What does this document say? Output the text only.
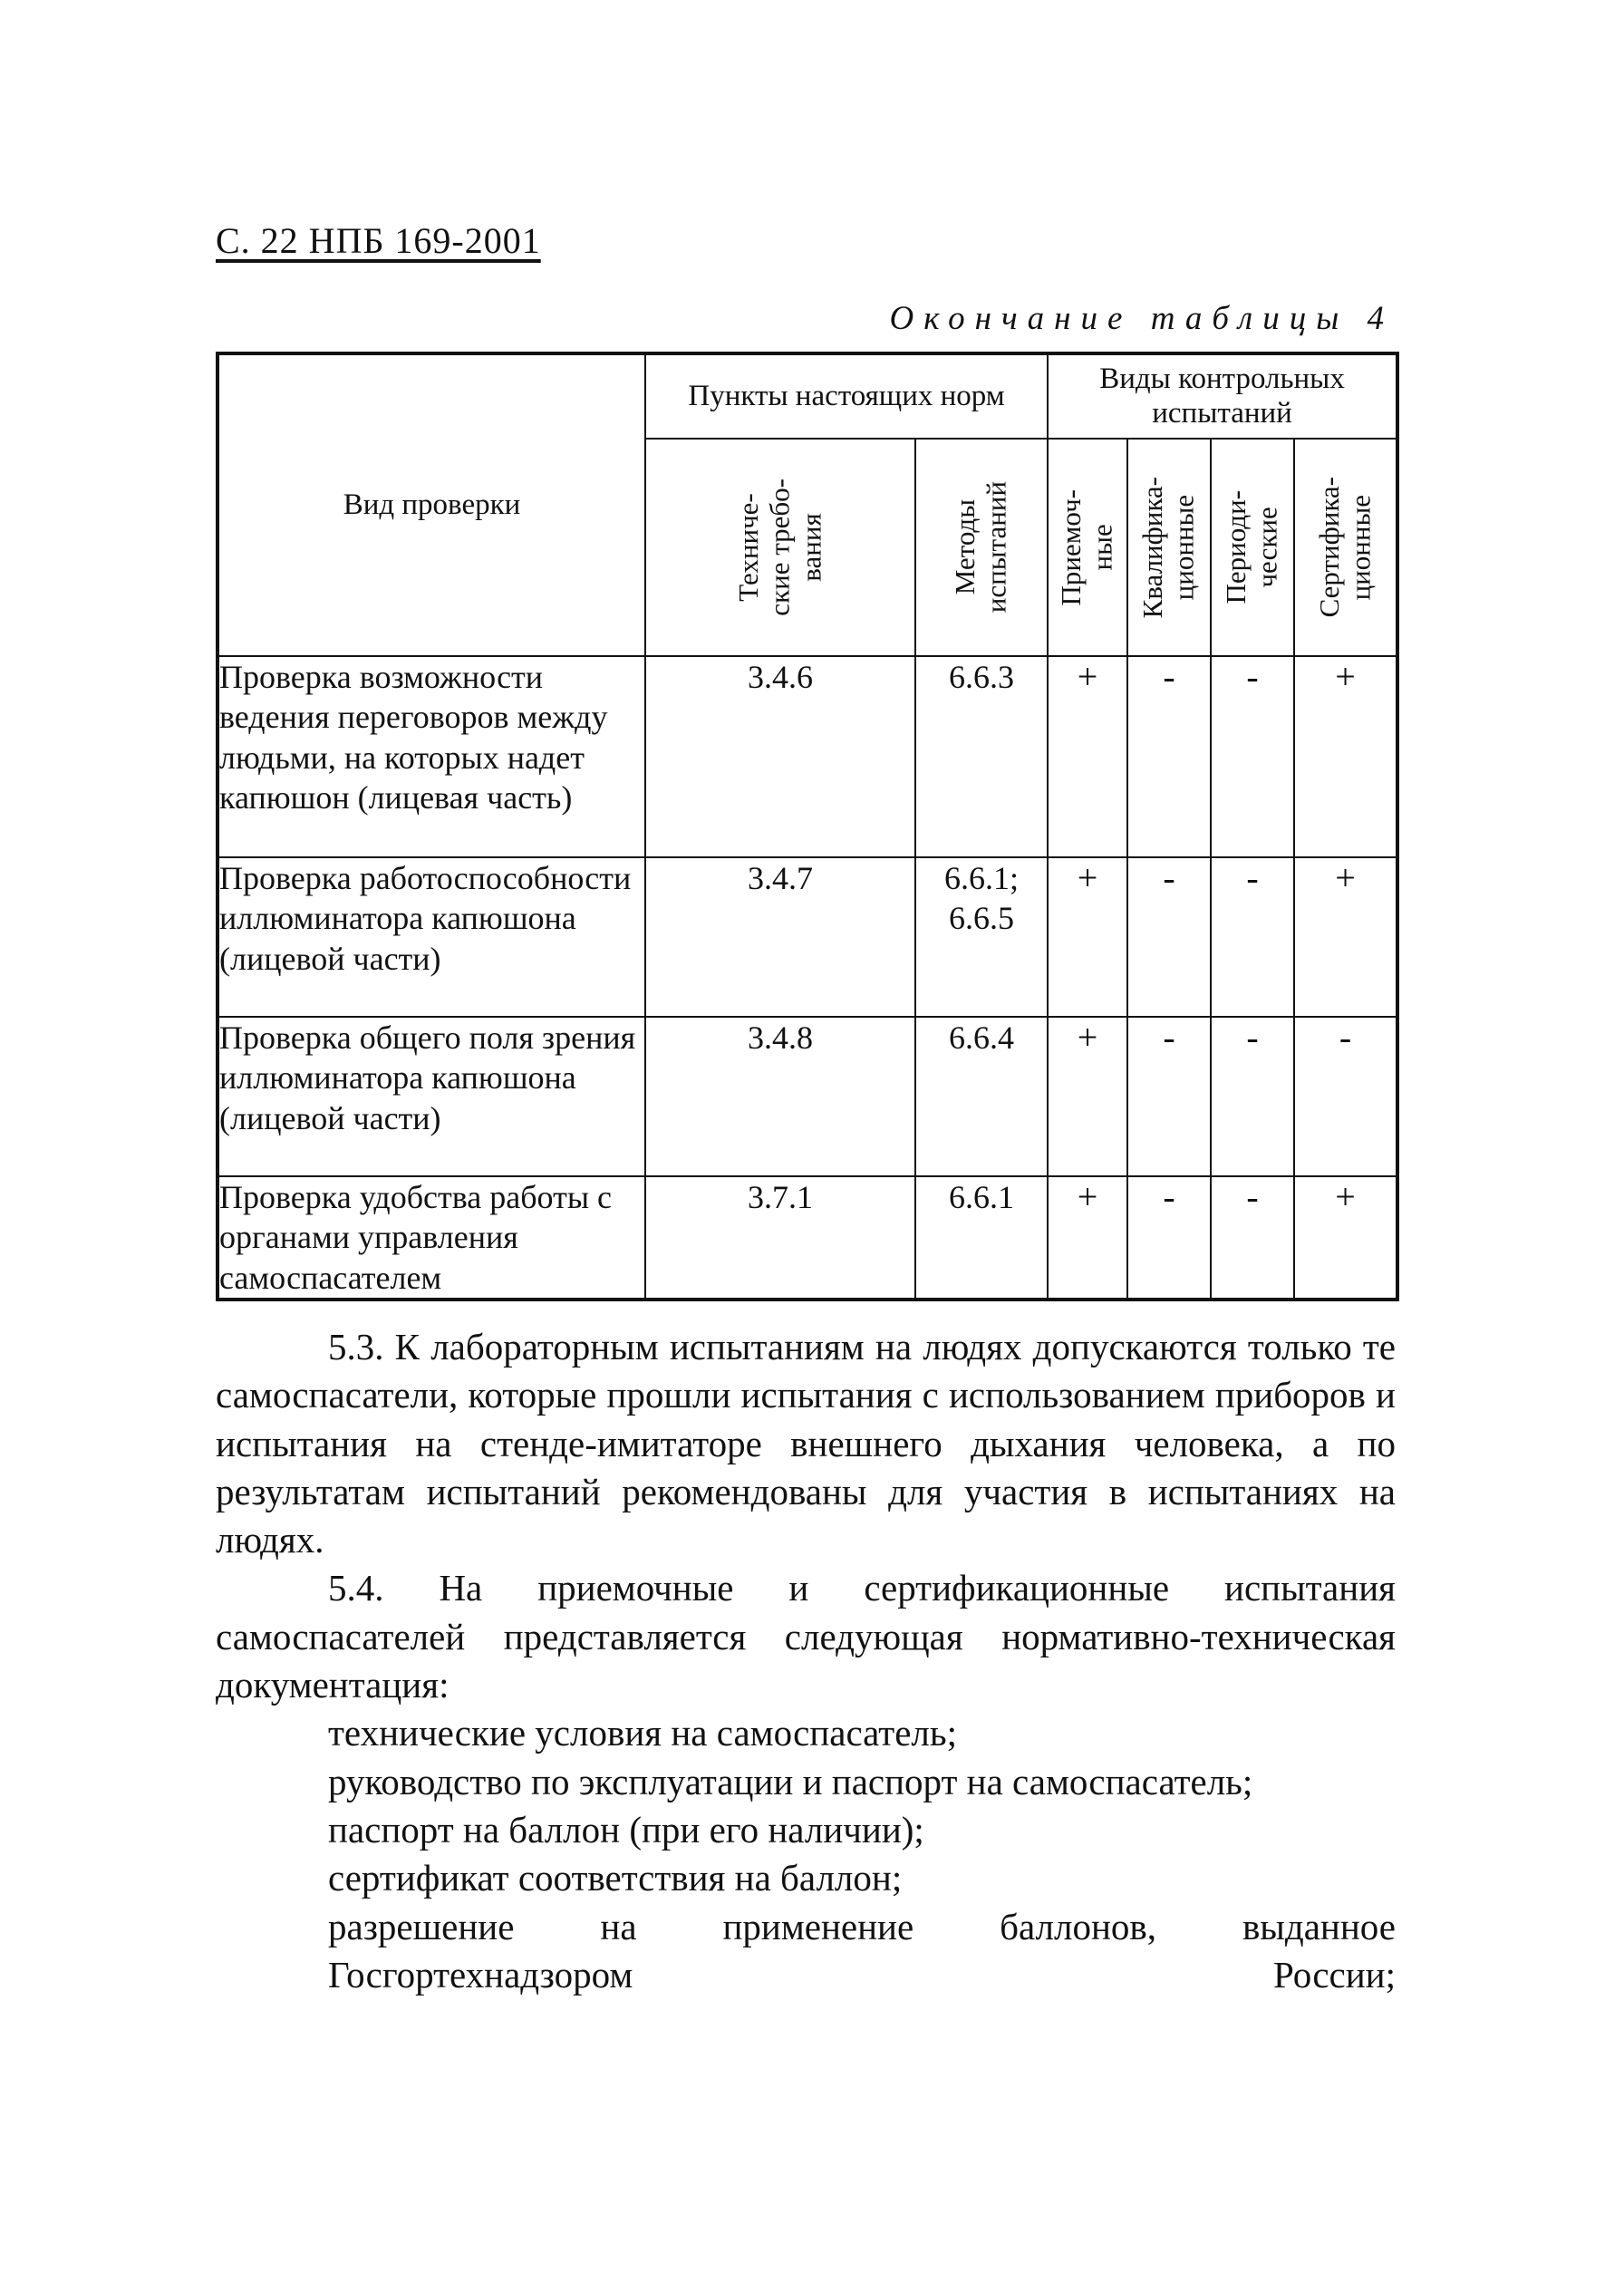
С. 22 НПБ 169-2001
Окончание таблицы 4
Вид проверки	Пункты настоящих норм		Виды контрольных испытаний			

	Техниче-
ские требо-
вания	Методы
испытаний	Приемоч-
ные	Квалифика-
ционные	Периоди-
ческие	Сертифика-
ционные

Проверка возможности ведения переговоров между людьми, на которых надет капюшон (лицевая часть)	3.4.6	6.6.3	+	-	-	+
Проверка работоспособности иллюминатора капюшона (лицевой части)	3.4.7	6.6.1; 6.6.5	+	-	-	+
Проверка общего поля зрения иллюминатора капюшона (лицевой части)	3.4.8	6.6.4	+	-	-	-
Проверка удобства работы с органами управления самоспасателем	3.7.1	6.6.1	+	-	-	+

5.3. К лабораторным испытаниям на людях допускаются только те самоспасатели, которые прошли испытания с использованием приборов и испытания на стенде-имитаторе внешнего дыхания человека, а по результатам испытаний рекомендованы для участия в испытаниях на людях.

5.4. На приемочные и сертификационные испытания самоспасателей представляется следующая нормативно-техническая документация:

технические условия на самоспасатель;

руководство по эксплуатации и паспорт на самоспасатель;

паспорт на баллон (при его наличии);

сертификат соответствия на баллон;

разрешение на применение баллонов, выданное Госгортехнадзором России;
